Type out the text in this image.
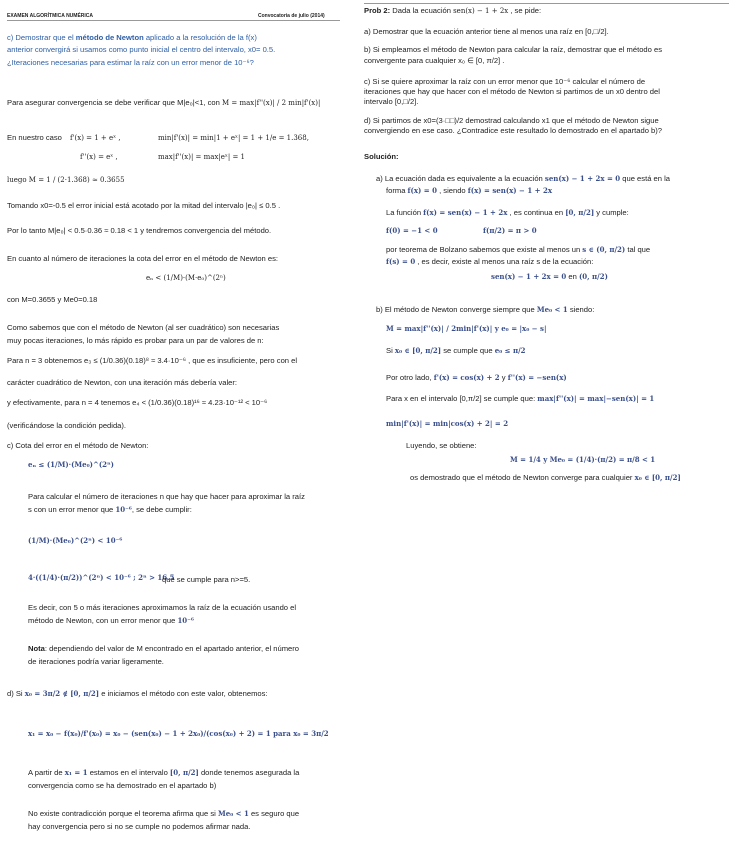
EXAMEN ALGORÍTMICA NUMÉRICA	Convocatoria de julio (2014)
c) Demostrar que el método de Newton aplicado a la resolución de la f(x)
anterior convergirá si usamos como punto inicial el centro del intervalo, x0= 0.5.
¿Iteraciones necesarias para estimar la raíz con un error menor de 10⁻⁶?
Para asegurar convergencia se debe verificar que M|e₀|<1, con M = max|f''(x)| / 2 min|f'(x)|
En nuestro caso f'(x) = 1 + eˣ ,	min|f'(x)| = min|1 + eˣ| = 1 + 1/e = 1.368,
f''(x) = eˣ ,	max|f''(x)| = max|eˣ| = 1
luego M = 1 / (2·1.368) ≈ 0.3655
Tomando x0=-0.5 el error inicial está acotado por la mitad del intervalo |e₀| ≤ 0.5 .
Por lo tanto M|e₀| < 0.5·0.36 ≈ 0.18 < 1 y tendremos convergencia del método.
En cuanto al número de iteraciones la cota del error en el método de Newton es:
eₙ < (1/M)·(M·e₀)^(2ⁿ)
con M=0.3655 y Me0=0.18
Como sabemos que con el método de Newton (al ser cuadrático) son necesarias
muy pocas iteraciones, lo más rápido es probar para un par de valores de n:
Para n = 3 obtenemos e₃ ≤ (1/0.36)(0.18)⁸ ≈ 3.4·10⁻⁶ , que es insuficiente, pero con el
carácter cuadrático de Newton, con una iteración más debería valer:
y efectivamente, para n = 4 tenemos e₄ < (1/0.36)(0.18)¹⁶ ≈ 4.23·10⁻¹² < 10⁻⁶
(verificándose la condición pedida).
c) Cota del error en el método de Newton:
eₙ ≤ (1/M)·(Me₀)^(2ⁿ)
Para calcular el número de iteraciones n que hay que hacer para aproximar la raíz
s con un error menor que 10⁻⁶, se debe cumplir:
(1/M)·(Me₀)^(2ⁿ) < 10⁻⁶
4·((1/4)·(π/2))^(2ⁿ) < 10⁻⁶ ; 2ⁿ > 16.5
que se cumple para n>=5.
Es decir, con 5 o más iteraciones aproximamos la raíz de la ecuación usando el
método de Newton, con un error menor que 10⁻⁶
Nota: dependiendo del valor de M encontrado en el apartado anterior, el número
de iteraciones podría variar ligeramente.
d) Si x₀ = 3π/2 ∉ [0, π/2] e iniciamos el método con este valor, obtenemos:
x₁ = x₀ − f(x₀)/f'(x₀) = x₀ − (sen(x₀) − 1 + 2x₀)/(cos(x₀) + 2) = 1 para x₀ = 3π/2
A partir de x₁ = 1 estamos en el intervalo [0, π/2] donde tenemos asegurada la
convergencia como se ha demostrado en el apartado b)
No existe contradicción porque el teorema afirma que si Me₀ < 1 es seguro que
hay convergencia pero si no se cumple no podemos afirmar nada.
Prob 2: Dada la ecuación sen(x) − 1 + 2x , se pide:
a) Demostrar que la ecuación anterior tiene al menos una raíz en [0,□/2].
b) Si empleamos el método de Newton para calcular la raíz, demostrar que el método es
convergente para cualquier x₀ ∈ [0, π/2] .
c) Si se quiere aproximar la raíz con un error menor que 10⁻⁶ calcular el número de
iteraciones que hay que hacer con el método de Newton si partimos de un x0 dentro del
intervalo [0,□/2].
d) Si partimos de x0=(3·□□)/2 demostrad calculando x1 que el método de Newton sigue
convergiendo en ese caso. ¿Contradice este resultado lo demostrado en el apartado b)?
Solución:
a) La ecuación dada es equivalente a la ecuación sen(x) − 1 + 2x = 0 que está en la
forma f(x) = 0 , siendo f(x) = sen(x) − 1 + 2x
La función f(x) = sen(x) − 1 + 2x , es continua en [0, π/2] y cumple:
f(0) = −1 < 0	f(π/2) = π > 0
por teorema de Bolzano sabemos que existe al menos un s ∈ (0, π/2) tal que
f(s) = 0 , es decir, existe al menos una raíz s de la ecuación:
sen(x) − 1 + 2x = 0 en (0, π/2)
b) El método de Newton converge siempre que Me₀ < 1 siendo:
M = max|f''(x)| / 2min|f'(x)| y e₀ = |x₀ − s|
Si x₀ ∈ [0, π/2] se cumple que e₀ ≤ π/2
Por otro lado, f'(x) = cos(x) + 2 y f''(x) = −sen(x)
Para x en el intervalo [0,π/2] se cumple que: max|f''(x)| = max|−sen(x)| = 1
min|f'(x)| = min|cos(x) + 2| = 2
Luyendo, se obtiene:
M = 1/4 y Me₀ = (1/4)·(π/2) = π/8 < 1
os demostrado que el método de Newton converge para cualquier x₀ ∈ [0, π/2]
